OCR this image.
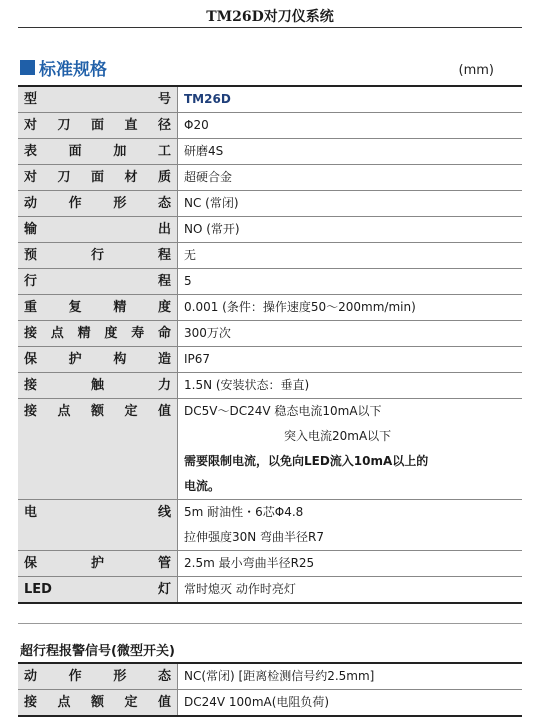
TM26D对刀仪系统
标准规格	(mm)
型 号	TM26D
对刀面直径	Φ20
表面加工	研磨4S
对刀面材质	超硬合金
动作形态	NC (常闭)
输 出	NO (常开)
预行程	无
行 程	5
重复精度	0.001 (条件：操作速度50～200mm/min)
接点精度寿命	300万次
保护构造	IP67
接触力	1.5N (安装状态：垂直)
接点额定值	DC5V～DC24V 稳态电流10mA以下
突入电流20mA以下
需要限制电流，以免向LED流入10mA以上的
电流。

电 线	5m 耐油性・6芯Φ4.8
拉伸强度30N 弯曲半径R7

保护管	2.5m 最小弯曲半径R25
LED灯	常时熄灭 动作时亮灯
超行程报警信号(微型开关)
动作形态	NC(常闭) [距离检测信号约2.5mm]
接点额定值	DC24V 100mA(电阻负荷)
